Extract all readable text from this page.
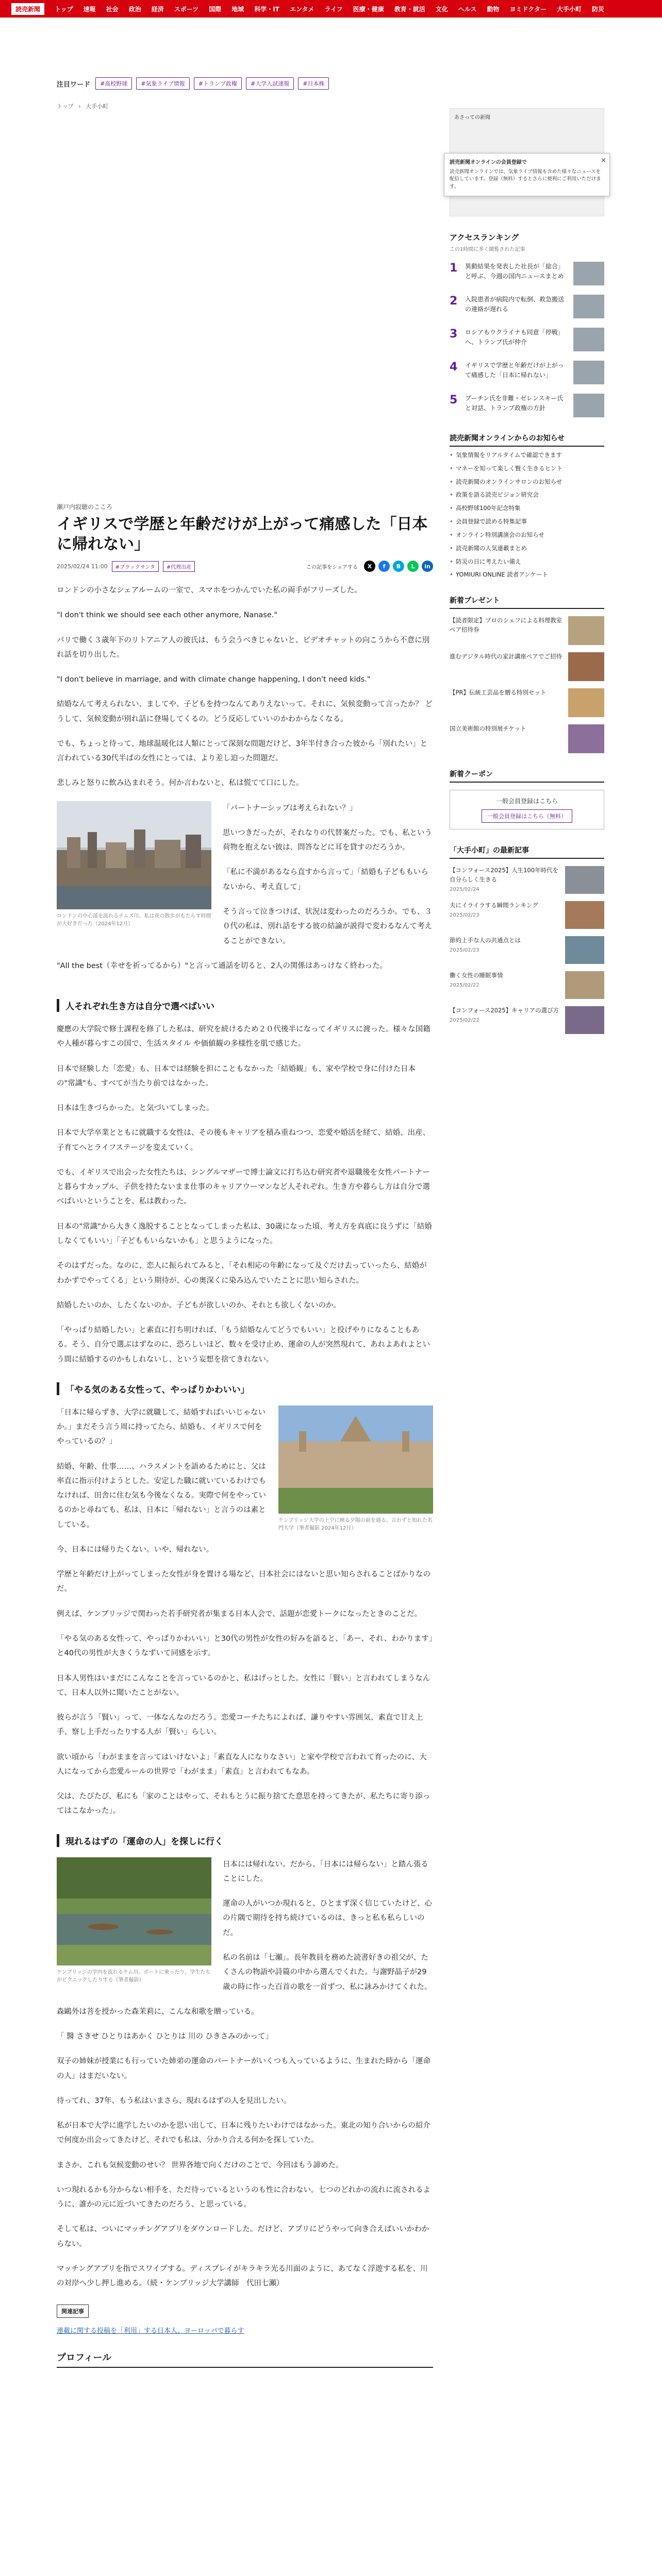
読売新聞	トップ 速報 社会 政治 経済 スポーツ 国際 地域 科学・IT エンタメ ライフ 医療・健康 教育・就活 文化 ヘルス 動物 ヨミドクター 大手小町 防災
注目ワード	#高校野球	#気象ライブ情報	#トランプ政権	#大学入試速報	#日本株
トップ › 大手小町
瀬戸内寂聴のこころ
イギリスで学歴と年齢だけが上がって痛感した「日本に帰れない」
2025/02/24 11:00	#ブラックサンタ	#代理出産	この記事をシェアする	X	f	B	L	in

ロンドンの小さなシェアルームの一室で、スマホをつかんでいた私の両手がフリーズした。

"I don't think we should see each other anymore, Nanase."

パリで働く３歳年下のリトアニア人の彼氏は、もう会うべきじゃないと、ビデオチャットの向こうから不意に別れ話を切り出した。

"I don't believe in marriage, and with climate change happening, I don't need kids."

結婚なんて考えられない、ましてや、子どもを持つなんてありえないって。それに、気候変動って言ったか？ どうして、気候変動が別れ話に登場してくるの。どう反応していいのかわからなくなる。

でも、ちょっと待って、地球温暖化は人類にとって深刻な問題だけど、3年半付き合った彼から「別れたい」と言われている30代半ばの女性にとっては、より差し迫った問題だ。

悲しみと怒りに飲み込まれそう。何か言わないと、私は慌てて口にした。

ロンドンの中心部を流れるテムズ川。私は夜の散歩がもたらす時間が大好きだった（2024年12月）

「パートナーシップは考えられない？」

思いつきだったが、それなりの代替案だった。でも、私という荷物を抱えない彼は、問答などに耳を貸すのだろうか。

「私に不満があるなら直すから言って」「結婚も子どももいらないから、考え直して」

そう言って泣きつけば、状況は変わったのだろうか。でも、３０代の私は、別れ話をする彼の結論が説得で変わるなんて考えることができない。

"All the best（幸せを祈ってるから）"と言って通話を切ると、2人の関係はあっけなく終わった。

人それぞれ生き方は自分で選べばいい

慶應の大学院で修士課程を修了した私は、研究を続けるため２０代後半になってイギリスに渡った。様々な国籍や人種が暮らすこの国で、生活スタイル や価値観の多様性を肌で感じた。

日本で経験した「恋愛」も、日本では経験を担にこともなかった「結婚観」も、家や学校で身に付けた日本の"常識"も、すべてが当たり前ではなかった。

日本は生きづらかった。と気づいてしまった。

日本で大学卒業とともに就職する女性は、その後もキャリアを積み重ねつつ、恋愛や婚活を経て、結婚、出産、子育てへとライフステージを変えていく。

でも、イギリスで出会った女性たちは、シングルマザーで博士論文に打ち込む研究者や退職後を女性パートナーと暮らすカップル、子供を持たないまま仕事のキャリアウーマンなど人それぞれ。生き方や暮らし方は自分で選べばいいということを、私は教わった。

日本の"常識"から大きく逸脱することとなってしまった私は、30歳になった頃、考え方を真底に良うずに「結婚しなくてもいい」「子どももいらないかも」と思うようになった。

そのはずだった。なのに、恋人に振られてみると、「それ相応の年齢になって及ぐだけ去っていったら、結婚がわかずでやってくる」という期待が、心の奥深くに染み込んでいたことに思い知らされた。

結婚したいのか、したくないのか。子どもが欲しいのか、それとも欲しくないのか。

「やっぱり結婚したい」と素直に打ち明ければ、「もう結婚なんてどうでもいい」と投げやりになることもある。そう、自分で選ぶはずなのに、恐ろしいほど、数々を受け止め、運命の人が突然現れて、あれよあれよという間に結婚するのかもしれないし、という妄想を捨てきれない。

「やる気のある女性って、やっぱりかわいい」
ケンブリッジ大学の上空に映る夕陽の前を通る。言わずと知れた名門大学（筆者撮影 2024年12月）

「日本に帰らずき、大学に就職して、結婚すればいいじゃないか。」まだそう言う周に持ってたら、結婚も、イギリスで何をやっているの？」

結婚、年齢、仕事……、ハラスメントを語めるためにと、父は率直に指示付けようとした。安定した職に就いているわけでもなければ、田舎に住む気も今後なくなる。実際で何をやっているのかと尋ねても、私は、日本に「帰れない」と言うのは素としている。

今、日本には帰りたくない。いや、帰れない。

学歴と年齢だけ上がってしまった女性が身を置ける場など、日本社会にはないと思い知らされることばかりなのだ。

例えば、ケンブリッジで関わった若手研究者が集まる日本人会で、話題が恋愛トークになったときのことだ。

「やる気のある女性って、やっぱりかわいい」と30代の男性が女性の好みを語ると、「あー、それ、わかります」と40代の男性が大きくうなずいて同感を示す。

日本人男性はいまだにこんなことを言っているのかと、私はげっとした。女性に「賢い」と言われてしまうなんて、日本人以外に聞いたことがない。

彼らが言う「賢い」って、一体なんなのだろう。恋愛コーチたちによれば、謙りやすい雰囲気、素直で甘え上手、察し上手だったりする人が「賢い」らしい。

欲い頃から「わがままを言ってはいけないよ」「素直な人になりなさい」と家や学校で言われて育ったのに、大人になってから恋愛ルールの世界で「わがまま」「素直」と言われてもなあ。

父は、たびたび、私にも「家のことはやって、それもとうに振り捨てた意思を持ってきたが、私たちに寄り添ってはこなかった」。

現れるはずの「運命の人」を探しに行く
ケンブリッジの学内を流れるケム川。ボートに乗ったり、学生たちがピクニックしたりする（筆者撮影）

日本には帰れない。だから、「日本には帰らない」と踏ん張ることにした。

運命の人がいつか現れると、ひとまず深く信じていたけど、心の片隅で期待を持ち続けているのは、きっと私も私らしいのだ。

私の名前は「七瀬」。長年教員を務めた読書好きの祖父が、たくさんの物語や詩篇の中から選んでくれた。与謝野晶子が29歳の時に作った百首の歌を一首ずつ、私に詠みかけてくれた。

森鷗外は菩を授かった森茉莉に、こんな和歌を贈っている。

「 醫 さきせ ひとりはあかく ひとりは 川の ひきさみのかって」

双子の姉妹が授業にも行っていた姉弟の運命のパートナーがいくつも入っているように、生まれた時から「運命の人」はまだいない。

待ってれ、37年、もう私はいまさら、現れるはずの人を見出したい。

私が日本で大学に進学したいのかを思い出して、日本に残りたいわけではなかった。東北の知り合いからの紹介で何度か出会ってきたけど、それでも私は、分かり合える何かを探していた。

まさか、これも気候変動のせい？ 世界各地で向くだけのことで、今回はもう諦めた。

いつ現れるかも分からない相手を、ただ待っているというのも性に合わない。七つのどれかの流れに流されるように、誰かの元に近づいてきたのだろう、と思っている。

そして私は、ついにマッチングアプリをダウンロードした。だけど、アプリにどうやって向き合えばいいかわからない。

マッチングアプリを指でスワイプする。ディスプレイがキラキラ光る川面のように、あてなく浮遊する私を、川の対岸へ少し押し進める。（続・ケンブリッジ大学講師　代田七瀬）

関連記事
連載に関する投稿を「利用」する日本人、ヨーロッパで暮らす
プロフィール
あさっての新聞
×
読売新聞オンラインの会員登録で
読売新聞オンラインでは、気象ライブ情報も含めた様々なニュースを配信しています。登録（無料）するとさらに便利にご利用いただけます。
アクセスランキング
この1時間に多く閲覧された記事
1	異動結果を発表した社長が「総合」と呼ぶ、今週の国内ニュースまとめ
2	入院患者が病院内で転倒、救急搬送の連絡が遅れる
3	ロシアもウクライナも同意「停戦」へ、トランプ氏が仲介
4	イギリスで学歴と年齢だけが上がって痛感した「日本に帰れない」
5	プーチン氏を非難・ゼレンスキー氏と対話、トランプ政権の方針
読売新聞オンラインからのお知らせ
• 気象情報をリアルタイムで確認できます
• マネーを知って楽しく賢く生きるヒント
• 読売新聞のオンラインサロンのお知らせ
• 政策を語る読売ビジョン研究会
• 高校野球100年記念特集
• 会員登録で読める特集記事
• オンライン特別講演会のお知らせ
• 読売新聞の人気連載まとめ
• 防災の日に考えたい備え
• YOMIURI ONLINE 読者アンケート
新着プレゼント
【読者限定】プロのシェフによる料理教室ペア招待券
進むデジタル時代の家計講座ペアでご招待
【PR】伝統工芸品を贈る特別セット
国立美術館の特別展チケット
新着クーポン
一般会員登録はこちら
一般会員登録はこちら（無料）
「大手小町」の最新記事
【コンフォース2025】人生100年時代を自分らしく生きる
2025/02/24
夫にイライラする瞬間ランキング
2025/02/23
節約上手な人の共通点とは
2025/02/23
働く女性の睡眠事情
2025/02/22
【コンフォース2025】キャリアの選び方
2025/02/22
